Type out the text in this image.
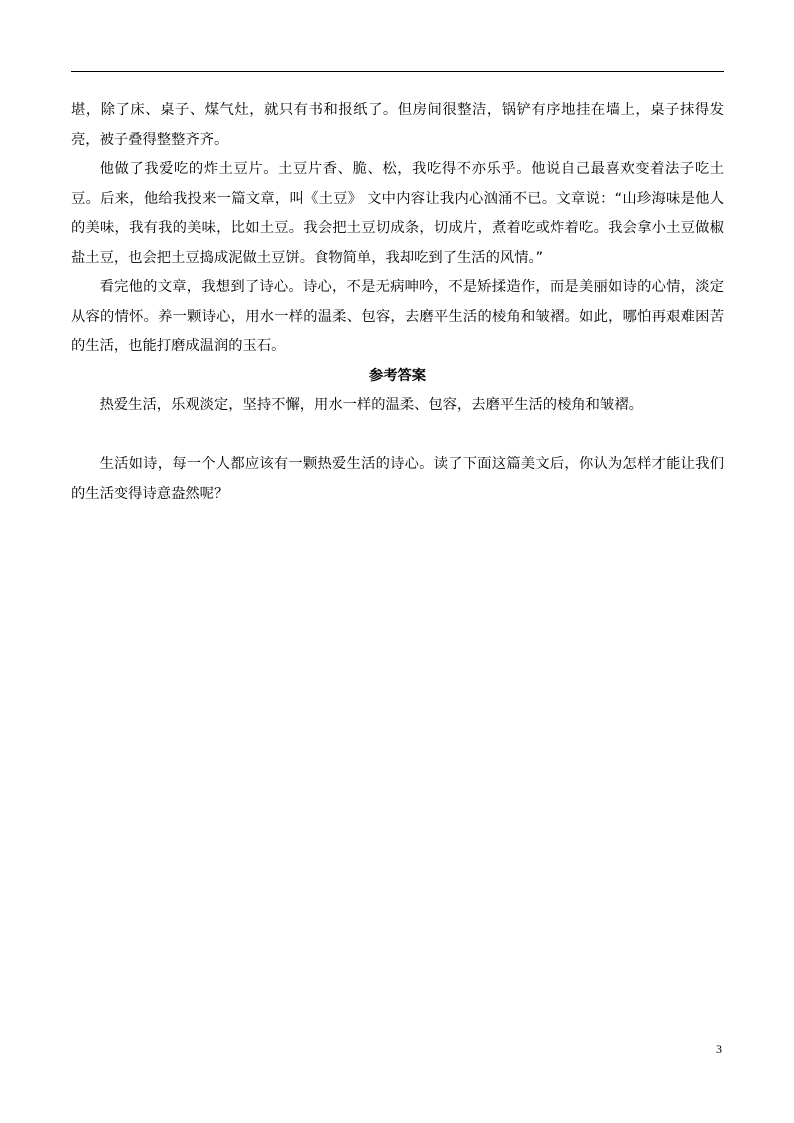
堪，除了床、桌子、煤气灶，就只有书和报纸了。但房间很整洁，锅铲有序地挂在墙上，桌子抹得发亮，被子叠得整整齐齐。

他做了我爱吃的炸土豆片。土豆片香、脆、松，我吃得不亦乐乎。他说自己最喜欢变着法子吃土豆。后来，他给我投来一篇文章，叫《土豆》 文中内容让我内心汹涌不已。文章说：“山珍海味是他人的美味，我有我的美味，比如土豆。我会把土豆切成条，切成片，煮着吃或炸着吃。我会拿小土豆做椒盐土豆，也会把土豆捣成泥做土豆饼。食物简单，我却吃到了生活的风情。”

看完他的文章，我想到了诗心。诗心，不是无病呻吟，不是矫揉造作，而是美丽如诗的心情，淡定从容的情怀。养一颗诗心，用水一样的温柔、包容，去磨平生活的棱角和皱褶。如此，哪怕再艰难困苦的生活，也能打磨成温润的玉石。

参考答案

热爱生活，乐观淡定，坚持不懈，用水一样的温柔、包容，去磨平生活的棱角和皱褶。

生活如诗，每一个人都应该有一颗热爱生活的诗心。读了下面这篇美文后，你认为怎样才能让我们的生活变得诗意盎然呢？

3
